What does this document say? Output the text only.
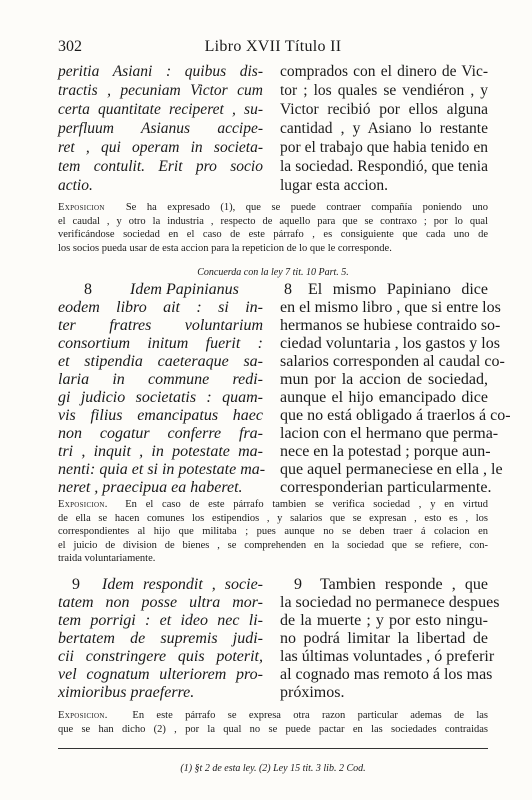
302	Libro XVII Título II
peritia Asiani : quibus dis-
tractis , pecuniam Victor cum
certa quantitate reciperet , su-
perfluum Asianus accipe-
ret , qui operam in societa-
tem contulit. Erit pro socio
actio.
comprados con el dinero de Vic-
tor ; los quales se vendiéron , y
Victor recibió por ellos alguna
cantidad , y Asiano lo restante
por el trabajo que habia tenido en
la sociedad. Respondió, que tenia
lugar esta accion.
Exposicion Se ha expresado (1), que se puede contraer compañía poniendo uno
el caudal , y otro la industria , respecto de aquello para que se contraxo ; por lo qual
verificándose sociedad en el caso de este párrafo , es consiguiente que cada uno de
los socios pueda usar de esta accion para la repeticion de lo que le corresponde.
Concuerda con la ley 7 tit. 10 Part. 5.
8 Idem Papinianus
eodem libro ait : si in-
ter fratres voluntarium
consortium initum fuerit :
et stipendia caeteraque sa-
laria in commune redi-
gi judicio societatis : quam-
vis filius emancipatus haec
non cogatur conferre fra-
tri , inquit , in potestate ma-
nenti: quia et si in potestate ma-
neret , praecipua ea haberet.
8 El mismo Papiniano dice
en el mismo libro , que si entre los
hermanos se hubiese contraido so-
ciedad voluntaria , los gastos y los
salarios corresponden al caudal co-
mun por la accion de sociedad,
aunque el hijo emancipado dice
que no está obligado á traerlos á co-
lacion con el hermano que perma-
nece en la potestad ; porque aun-
que aquel permaneciese en ella , le
corresponderian particularmente.
Exposicion. En el caso de este párrafo tambien se verifica sociedad , y en virtud
de ella se hacen comunes los estipendios , y salarios que se expresan , esto es , los
correspondientes al hijo que militaba ; pues aunque no se deben traer á colacion en
el juicio de division de bienes , se comprehenden en la sociedad que se refiere, con-
traida voluntariamente.
9 Idem respondit , socie-
tatem non posse ultra mor-
tem porrigi : et ideo nec li-
bertatem de supremis judi-
cii constringere quis poterit,
vel cognatum ulteriorem pro-
ximioribus praeferre.
9 Tambien responde , que
la sociedad no permanece despues
de la muerte ; y por esto ningu-
no podrá limitar la libertad de
las últimas voluntades , ó preferir
al cognado mas remoto á los mas
próximos.
Exposicion. En este párrafo se expresa otra razon particular ademas de las
que se han dicho (2) , por la qual no se puede pactar en las sociedades contraidas
(1) §t 2 de esta ley. (2) Ley 15 tit. 3 lib. 2 Cod.
